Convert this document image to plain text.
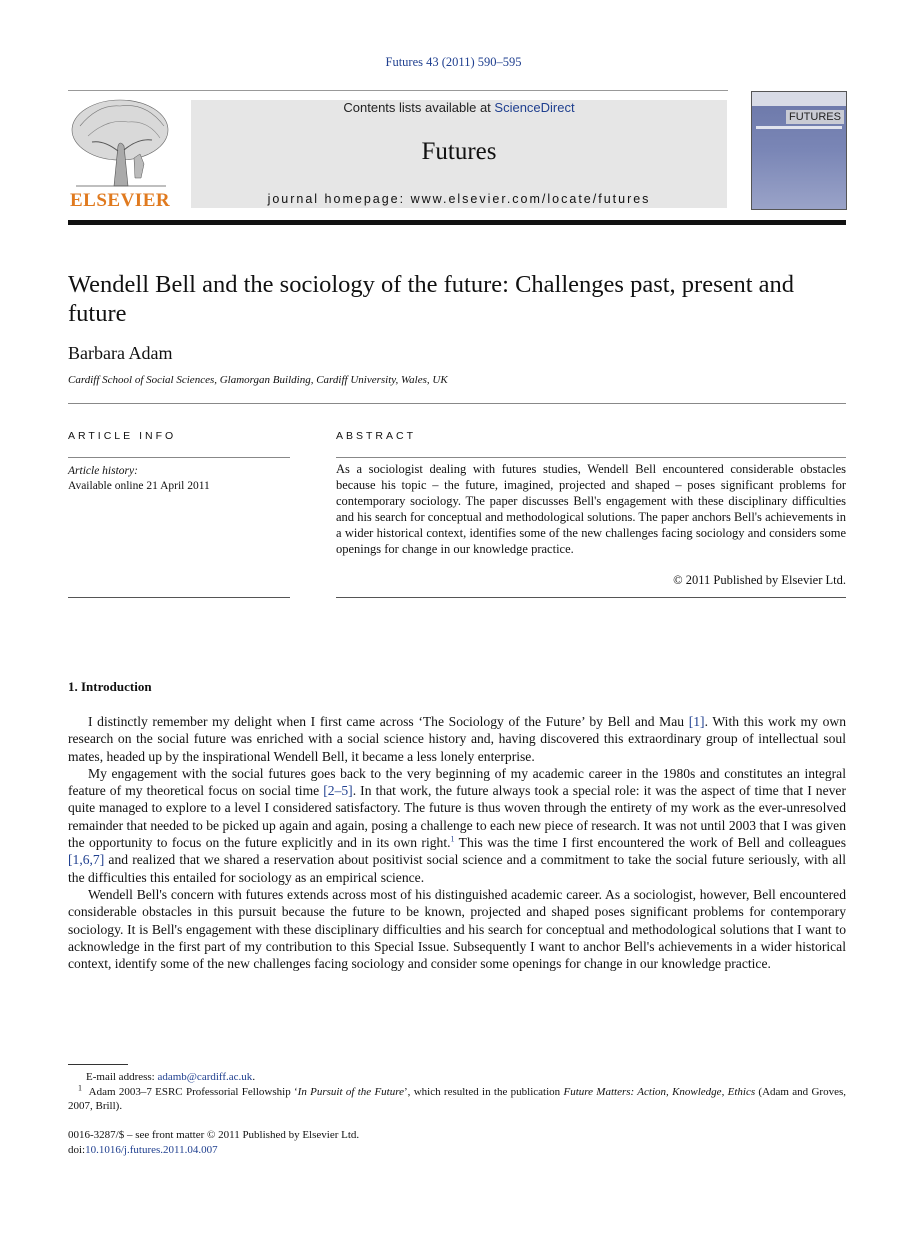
Futures 43 (2011) 590–595
ELSEVIER
Contents lists available at ScienceDirect
Futures
journal homepage: www.elsevier.com/locate/futures
FUTURES
Wendell Bell and the sociology of the future: Challenges past, present and future
Barbara Adam
Cardiff School of Social Sciences, Glamorgan Building, Cardiff University, Wales, UK
ARTICLE INFO
Article history:
Available online 21 April 2011
ABSTRACT
As a sociologist dealing with futures studies, Wendell Bell encountered considerable obstacles because his topic – the future, imagined, projected and shaped – poses significant problems for contemporary sociology. The paper discusses Bell's engagement with these disciplinary difficulties and his search for conceptual and methodological solutions. The paper anchors Bell's achievements in a wider historical context, identifies some of the new challenges facing sociology and considers some openings for change in our knowledge practice.
© 2011 Published by Elsevier Ltd.
1. Introduction

I distinctly remember my delight when I first came across ‘The Sociology of the Future’ by Bell and Mau [1]. With this work my own research on the social future was enriched with a social science history and, having discovered this extraordinary group of intellectual soul mates, headed up by the inspirational Wendell Bell, it became a less lonely enterprise.

My engagement with the social futures goes back to the very beginning of my academic career in the 1980s and constitutes an integral feature of my theoretical focus on social time [2–5]. In that work, the future always took a special role: it was the aspect of time that I never quite managed to explore to a level I considered satisfactory. The future is thus woven through the entirety of my work as the ever-unresolved remainder that needed to be picked up again and again, posing a challenge to each new piece of research. It was not until 2003 that I was given the opportunity to focus on the future explicitly and in its own right.$^1$ This was the time I first encountered the work of Bell and colleagues [1,6,7] and realized that we shared a reservation about positivist social science and a commitment to take the social future seriously, with all the difficulties this entailed for sociology as an empirical science.

Wendell Bell's concern with futures extends across most of his distinguished academic career. As a sociologist, however, Bell encountered considerable obstacles in this pursuit because the future to be known, projected and shaped poses significant problems for contemporary sociology. It is Bell's engagement with these disciplinary difficulties and his search for conceptual and methodological solutions that I want to acknowledge in the first part of my contribution to this Special Issue. Subsequently I want to anchor Bell's achievements in a wider historical context, identify some of the new challenges facing sociology and consider some openings for change in our knowledge practice.

E-mail address: adamb@cardiff.ac.uk.
$^1$ Adam 2003–7 ESRC Professorial Fellowship ‘In Pursuit of the Future’, which resulted in the publication Future Matters: Action, Knowledge, Ethics (Adam and Groves, 2007, Brill).
0016-3287/$ – see front matter © 2011 Published by Elsevier Ltd.
doi:10.1016/j.futures.2011.04.007
